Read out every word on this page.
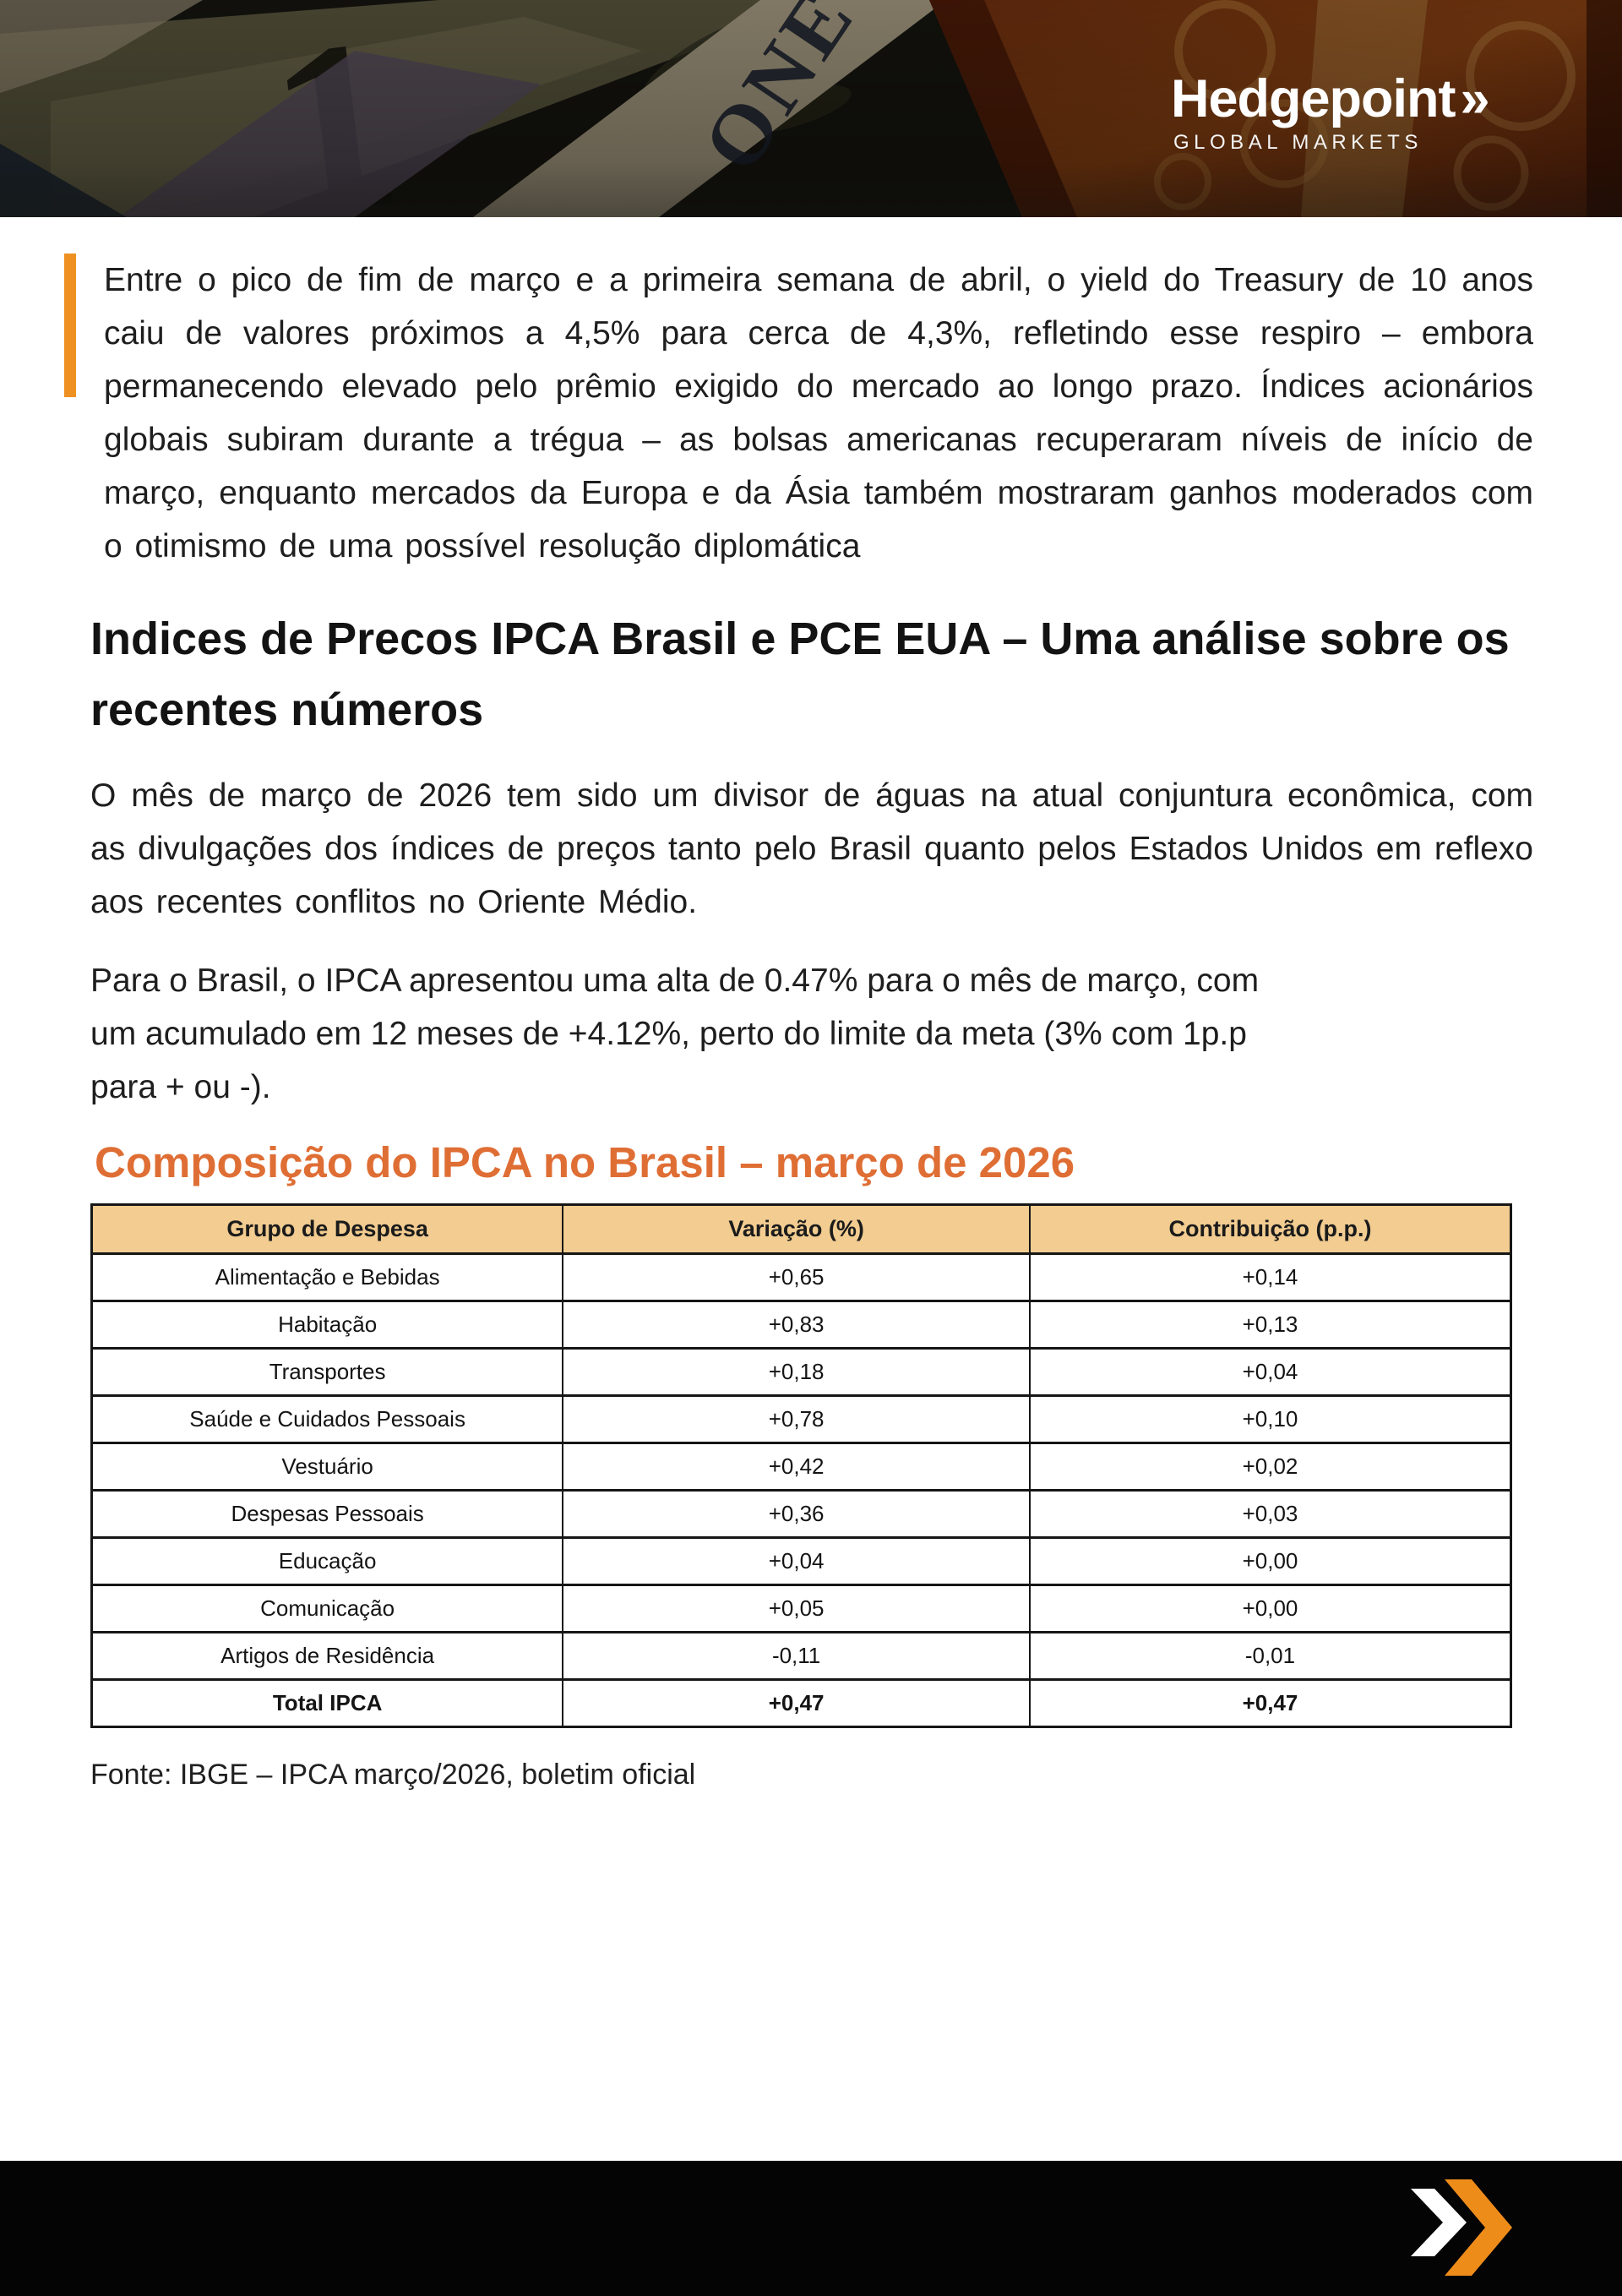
Hedgepoint »
GLOBAL MARKETS
Entre o pico de fim de março e a primeira semana de abril, o yield do Treasury de 10 anos caiu de valores próximos a 4,5% para cerca de 4,3%, refletindo esse respiro – embora permanecendo elevado pelo prêmio exigido do mercado ao longo prazo. Índices acionários globais subiram durante a trégua – as bolsas americanas recuperaram níveis de início de março, enquanto mercados da Europa e da Ásia também mostraram ganhos moderados com o otimismo de uma possível resolução diplomática
Indices de Precos IPCA Brasil e PCE EUA – Uma análise sobre os recentes números

O mês de março de 2026 tem sido um divisor de águas na atual conjuntura econômica, com as divulgações dos índices de preços tanto pelo Brasil quanto pelos Estados Unidos em reflexo aos recentes conflitos no Oriente Médio.

Para o Brasil, o IPCA apresentou uma alta de 0.47% para o mês de março, com um acumulado em 12 meses de +4.12%, perto do limite da meta (3% com 1p.p para + ou -).

Composição do IPCA no Brasil – março de 2026
Grupo de Despesa	Variação (%)	Contribuição (p.p.)
Alimentação e Bebidas	+0,65	+0,14
Habitação	+0,83	+0,13
Transportes	+0,18	+0,04
Saúde e Cuidados Pessoais	+0,78	+0,10
Vestuário	+0,42	+0,02
Despesas Pessoais	+0,36	+0,03
Educação	+0,04	+0,00
Comunicação	+0,05	+0,00
Artigos de Residência	-0,11	-0,01
Total IPCA	+0,47	+0,47

Fonte: IBGE – IPCA março/2026, boletim oficial
